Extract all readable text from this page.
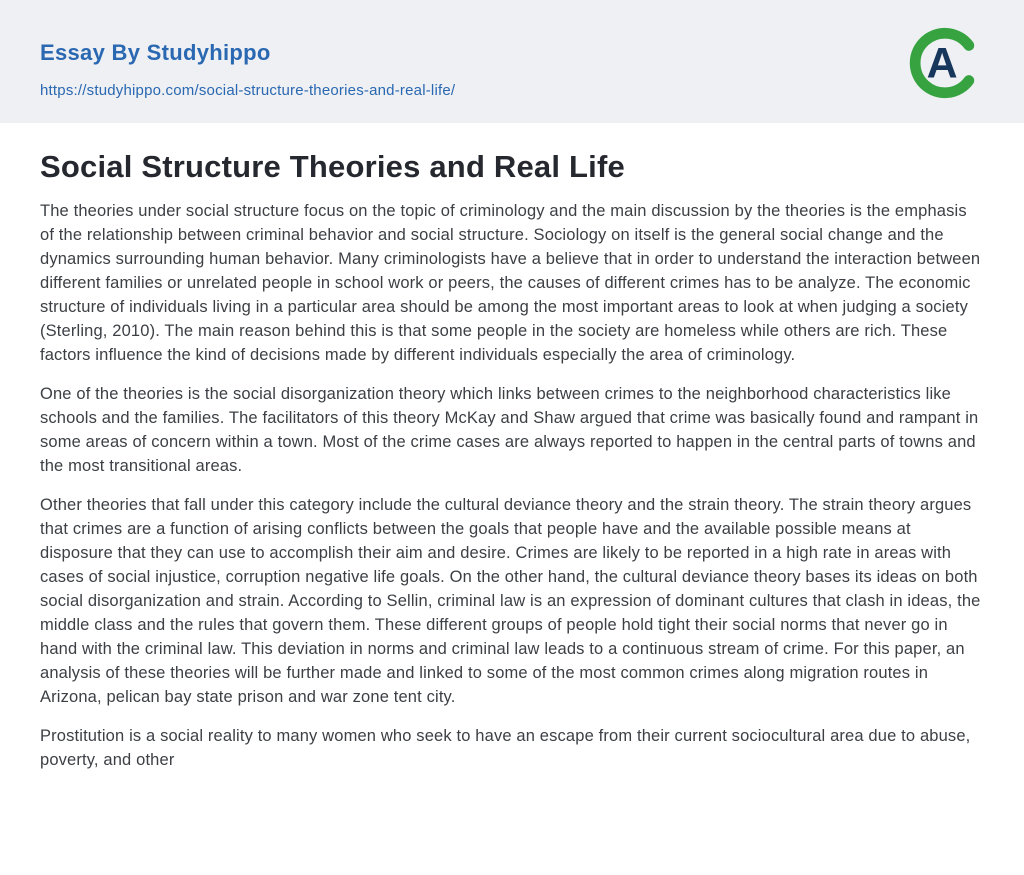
Essay By Studyhippo
https://studyhippo.com/social-structure-theories-and-real-life/
A
Social Structure Theories and Real Life

The theories under social structure focus on the topic of criminology and the main discussion by the theories is the emphasis of the relationship between criminal behavior and social structure. Sociology on itself is the general social change and the dynamics surrounding human behavior. Many criminologists have a believe that in order to understand the interaction between different families or unrelated people in school work or peers, the causes of different crimes has to be analyze. The economic structure of individuals living in a particular area should be among the most important areas to look at when judging a society (Sterling, 2010). The main reason behind this is that some people in the society are homeless while others are rich. These factors influence the kind of decisions made by different individuals especially the area of criminology.

One of the theories is the social disorganization theory which links between crimes to the neighborhood characteristics like schools and the families. The facilitators of this theory McKay and Shaw argued that crime was basically found and rampant in some areas of concern within a town. Most of the crime cases are always reported to happen in the central parts of towns and the most transitional areas.

Other theories that fall under this category include the cultural deviance theory and the strain theory. The strain theory argues that crimes are a function of arising conflicts between the goals that people have and the available possible means at disposure that they can use to accomplish their aim and desire. Crimes are likely to be reported in a high rate in areas with cases of social injustice, corruption negative life goals. On the other hand, the cultural deviance theory bases its ideas on both social disorganization and strain. According to Sellin, criminal law is an expression of dominant cultures that clash in ideas, the middle class and the rules that govern them. These different groups of people hold tight their social norms that never go in hand with the criminal law. This deviation in norms and criminal law leads to a continuous stream of crime. For this paper, an analysis of these theories will be further made and linked to some of the most common crimes along migration routes in Arizona, pelican bay state prison and war zone tent city.

Prostitution is a social reality to many women who seek to have an escape from their current sociocultural area due to abuse, poverty, and other
